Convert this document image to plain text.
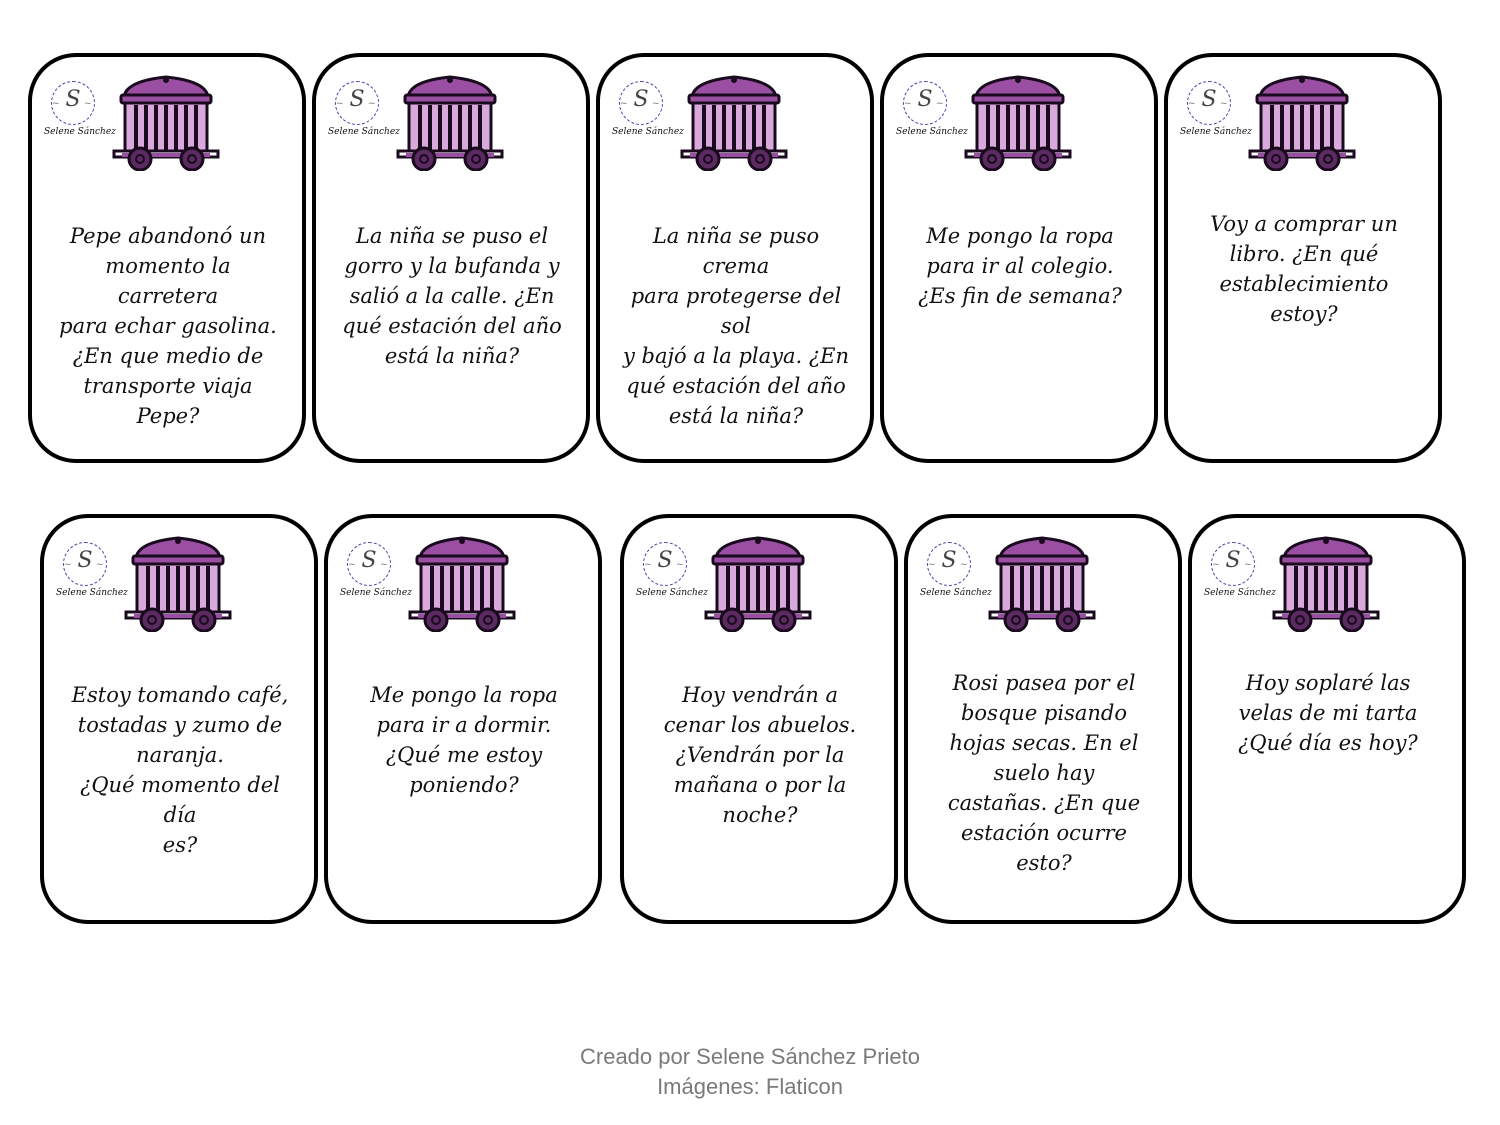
S
~	~
Selene Sánchez
Pepe abandonó un
momento la carretera
para echar gasolina.
¿En que medio de
transporte viaja Pepe?
S
~	~
Selene Sánchez
La niña se puso el
gorro y la bufanda y
salió a la calle. ¿En
qué estación del año
está la niña?
S
~	~
Selene Sánchez
La niña se puso crema
para protegerse del sol
y bajó a la playa. ¿En
qué estación del año
está la niña?
S
~	~
Selene Sánchez
Me pongo la ropa
para ir al colegio.
¿Es fin de semana?
S
~	~
Selene Sánchez
Voy a comprar un
libro. ¿En qué
establecimiento
estoy?
S
~	~
Selene Sánchez
Estoy tomando café,
tostadas y zumo de
naranja.
¿Qué momento del día
es?
S
~	~
Selene Sánchez
Me pongo la ropa
para ir a dormir.
¿Qué me estoy
poniendo?
S
~	~
Selene Sánchez
Hoy vendrán a
cenar los abuelos.
¿Vendrán por la
mañana o por la
noche?
S
~	~
Selene Sánchez
Rosi pasea por el
bosque pisando
hojas secas. En el
suelo hay
castañas. ¿En que
estación ocurre
esto?
S
~	~
Selene Sánchez
Hoy soplaré las
velas de mi tarta
¿Qué día es hoy?
Creado por Selene Sánchez Prieto
Imágenes: Flaticon
